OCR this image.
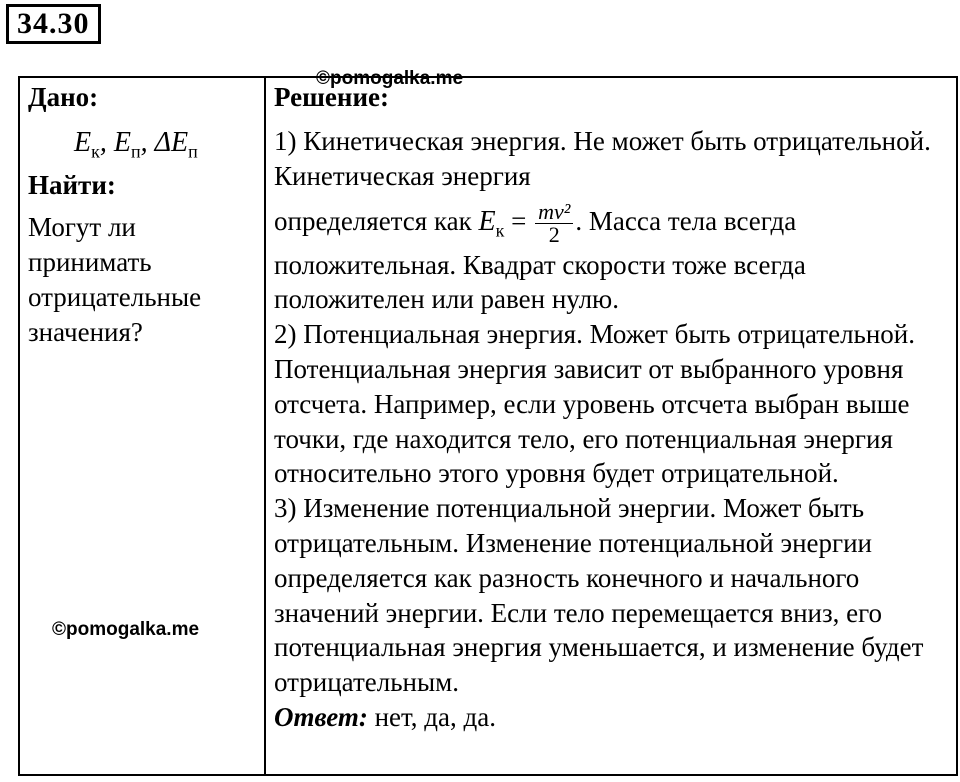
34.30
Дано:
$E_к$, $E_п$, $\Delta E_п$
Найти:
Могут ли принимать отрицательные значения?

Решение:

1) Кинетическая энергия. Не может быть отрицательной. Кинетическая энергия

определяется как $E_к = \frac{\text{mv²}}{2}$ . Масса тела всегда

положительная. Квадрат скорости тоже всегда положителен или равен нулю.

2) Потенциальная энергия. Может быть отрицательной. Потенциальная энергия зависит от выбранного уровня отсчета. Например, если уровень отсчета выбран выше точки, где находится тело, его потенциальная энергия относительно этого уровня будет отрицательной.

3) Изменение потенциальной энергии. Может быть отрицательным. Изменение потенциальной энергии определяется как разность конечного и начального значений энергии. Если тело перемещается вниз, его потенциальная энергия уменьшается, и изменение будет отрицательным.

Ответ: нет, да, да.

©pomogalka.me
©pomogalka.me
